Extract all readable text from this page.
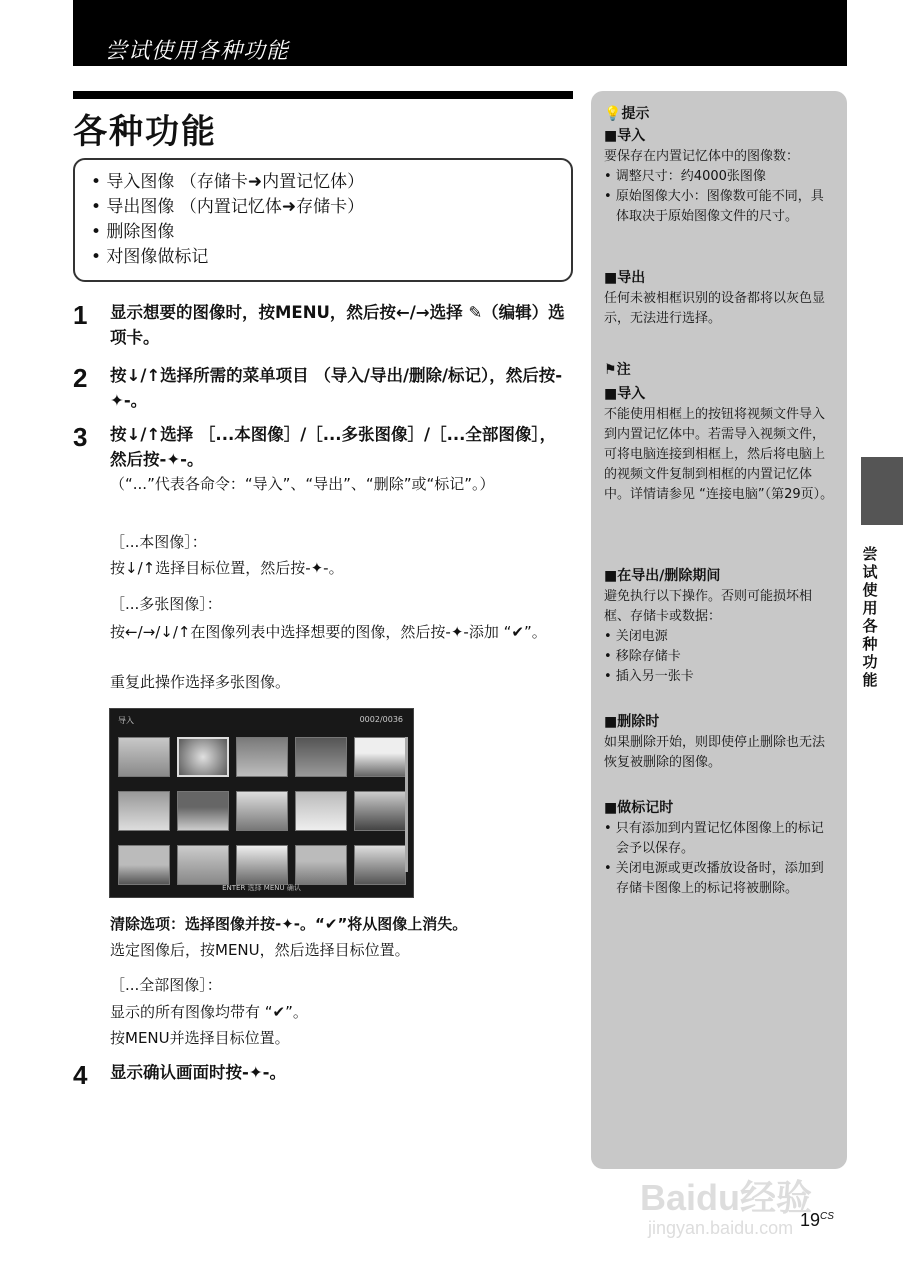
尝试使用各种功能
各种功能
• 导入图像 （存储卡➜内置记忆体）
• 导出图像 （内置记忆体➜存储卡）
• 删除图像
• 对图像做标记
1 显示想要的图像时，按MENU，然后按←/→选择 ✎（编辑）选项卡。
2 按↓/↑选择所需的菜单项目 （导入/导出/删除/标记），然后按-✦-。
3 按↓/↑选择 ［...本图像］/［...多张图像］/［...全部图像］，然后按-✦-。
（“...”代表各命令：“导入”、“导出”、“删除”或“标记”。）
［...本图像］：
按↓/↑选择目标位置，然后按-✦-。
［...多张图像］：
按←/→/↓/↑在图像列表中选择想要的图像，然后按-✦-添加 “✔”。
重复此操作选择多张图像。
导入	0002/0036
ENTER 选择 MENU 确认
清除选项：选择图像并按-✦-。“✔”将从图像上消失。
选定图像后，按MENU，然后选择目标位置。
［...全部图像］：
显示的所有图像均带有 “✔”。
按MENU并选择目标位置。
4 显示确认画面时按-✦-。
💡提示
■导入
要保存在内置记忆体中的图像数：
• 调整尺寸：约4000张图像
• 原始图像大小：图像数可能不同，具体取决于原始图像文件的尺寸。
■导出
任何未被相框识别的设备都将以灰色显示，无法进行选择。
⚑注
■导入
不能使用相框上的按钮将视频文件导入到内置记忆体中。若需导入视频文件，可将电脑连接到相框上，然后将电脑上的视频文件复制到相框的内置记忆体中。详情请参见 “连接电脑”（第29页）。
■在导出/删除期间
避免执行以下操作。否则可能损坏相框、存储卡或数据：
• 关闭电源
• 移除存储卡
• 插入另一张卡
■删除时
如果删除开始，则即使停止删除也无法恢复被删除的图像。
■做标记时
• 只有添加到内置记忆体图像上的标记会予以保存。
• 关闭电源或更改播放设备时，添加到存储卡图像上的标记将被删除。
尝试使用各种功能
Baidu经验
jingyan.baidu.com $19^{CS}$
